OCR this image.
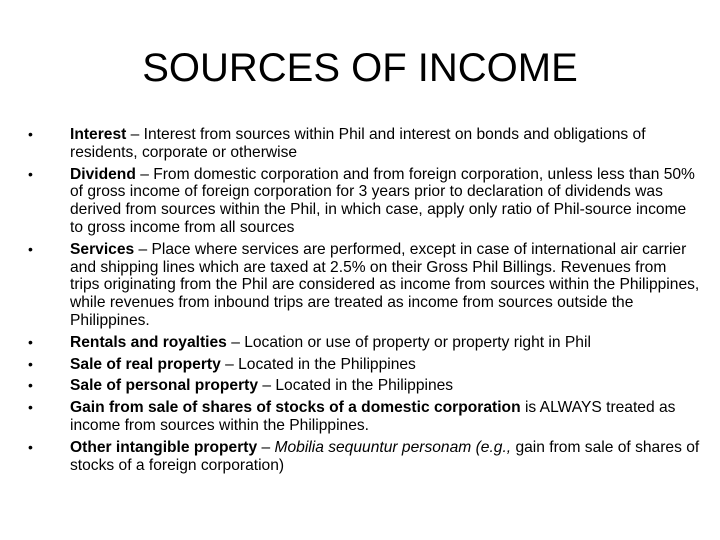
SOURCES OF INCOME
•	Interest – Interest from sources within Phil and interest on bonds and obligations of residents, corporate or otherwise
•	Dividend – From domestic corporation and from foreign corporation, unless less than 50% of gross income of foreign corporation for 3 years prior to declaration of dividends was derived from sources within the Phil, in which case, apply only ratio of Phil-source income to gross income from all sources
•	Services – Place where services are performed, except in case of international air carrier and shipping lines which are taxed at 2.5% on their Gross Phil Billings. Revenues from trips originating from the Phil are considered as income from sources within the Philippines, while revenues from inbound trips are treated as income from sources outside the Philippines.
•	Rentals and royalties – Location or use of property or property right in Phil
•	Sale of real property – Located in the Philippines
•	Sale of personal property – Located in the Philippines
•	Gain from sale of shares of stocks of a domestic corporation is ALWAYS treated as income from sources within the Philippines.
•	Other intangible property – Mobilia sequuntur personam (e.g., gain from sale of shares of stocks of a foreign corporation)
